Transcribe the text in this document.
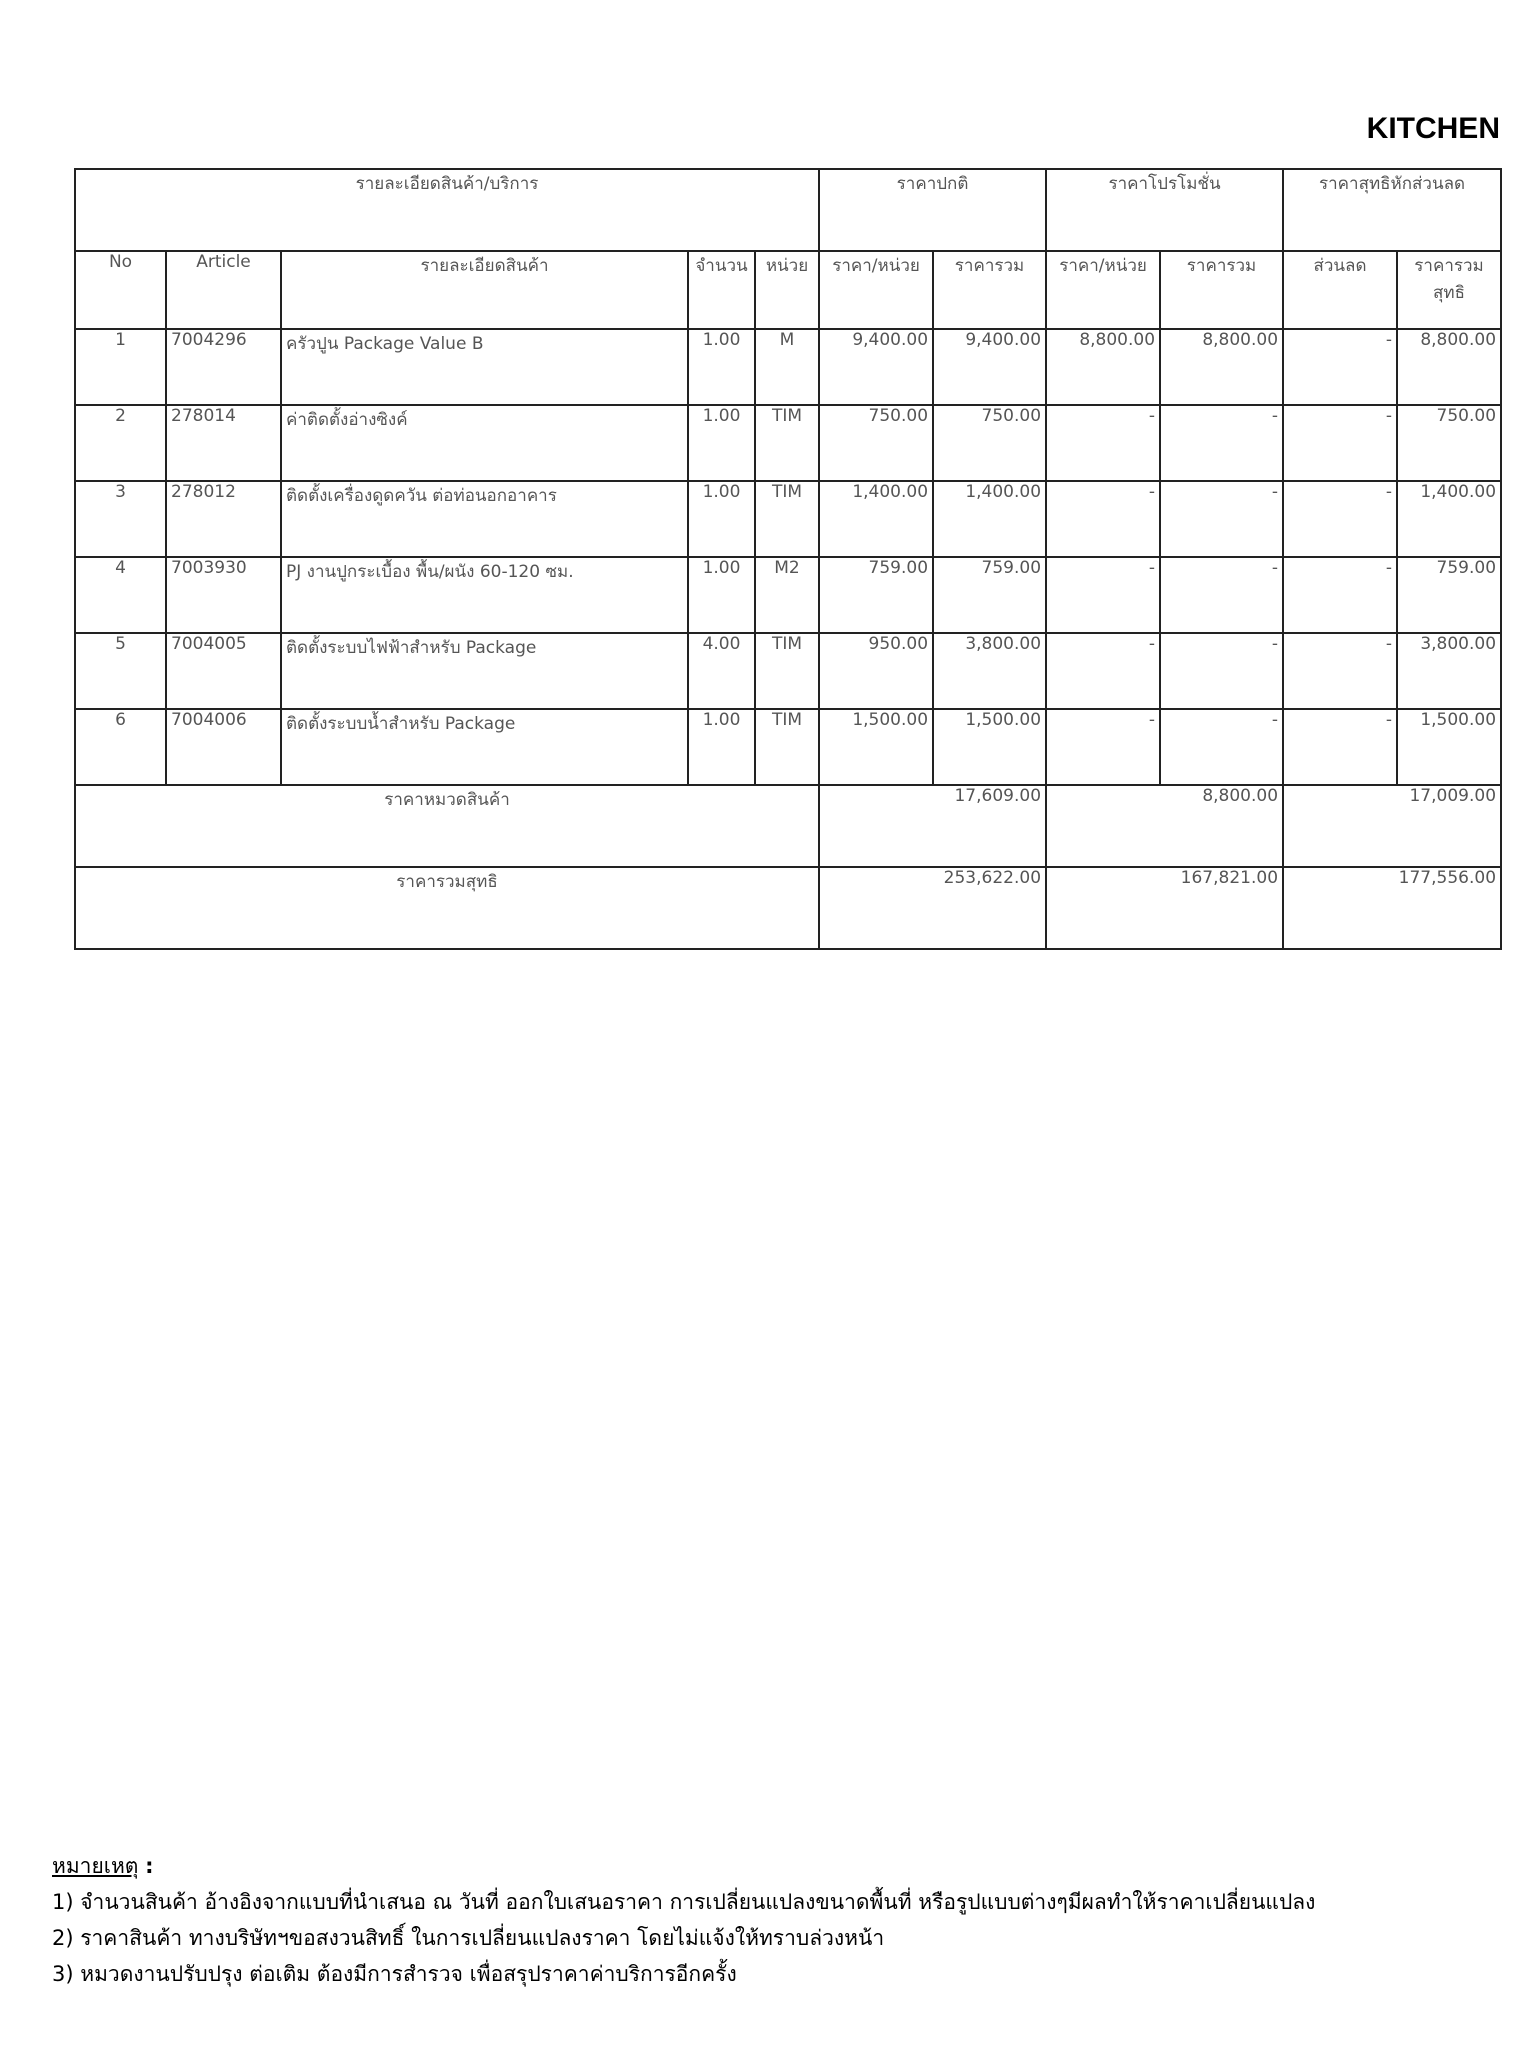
KITCHEN
รายละเอียดสินค้า/บริการ					ราคาปกติ		ราคาโปรโมชั่น		ราคาสุทธิหักส่วนลด	
No	Article	รายละเอียดสินค้า	จำนวน	หน่วย	ราคา/หน่วย	ราคารวม	ราคา/หน่วย	ราคารวม	ส่วนลด	ราคารวมสุทธิ
1	7004296	ครัวปูน Package Value B	1.00	M	9,400.00	9,400.00	8,800.00	8,800.00	-	8,800.00
2	278014	ค่าติดตั้งอ่างซิงค์	1.00	TIM	750.00	750.00	-	-	-	750.00
3	278012	ติดตั้งเครื่องดูดควัน ต่อท่อนอกอาคาร	1.00	TIM	1,400.00	1,400.00	-	-	-	1,400.00
4	7003930	PJ งานปูกระเบื้อง พื้น/ผนัง 60-120 ซม.	1.00	M2	759.00	759.00	-	-	-	759.00
5	7004005	ติดตั้งระบบไฟฟ้าสำหรับ Package	4.00	TIM	950.00	3,800.00	-	-	-	3,800.00
6	7004006	ติดตั้งระบบน้ำสำหรับ Package	1.00	TIM	1,500.00	1,500.00	-	-	-	1,500.00
ราคาหมวดสินค้า					17,609.00		8,800.00		17,009.00	
ราคารวมสุทธิ					253,622.00		167,821.00		177,556.00	
หมายเหตุ :
1) จำนวนสินค้า อ้างอิงจากแบบที่นำเสนอ ณ วันที่ ออกใบเสนอราคา การเปลี่ยนแปลงขนาดพื้นที่ หรือรูปแบบต่างๆมีผลทำให้ราคาเปลี่ยนแปลง
2) ราคาสินค้า ทางบริษัทฯขอสงวนสิทธิ์ ในการเปลี่ยนแปลงราคา โดยไม่แจ้งให้ทราบล่วงหน้า
3) หมวดงานปรับปรุง ต่อเติม ต้องมีการสำรวจ เพื่อสรุปราคาค่าบริการอีกครั้ง
